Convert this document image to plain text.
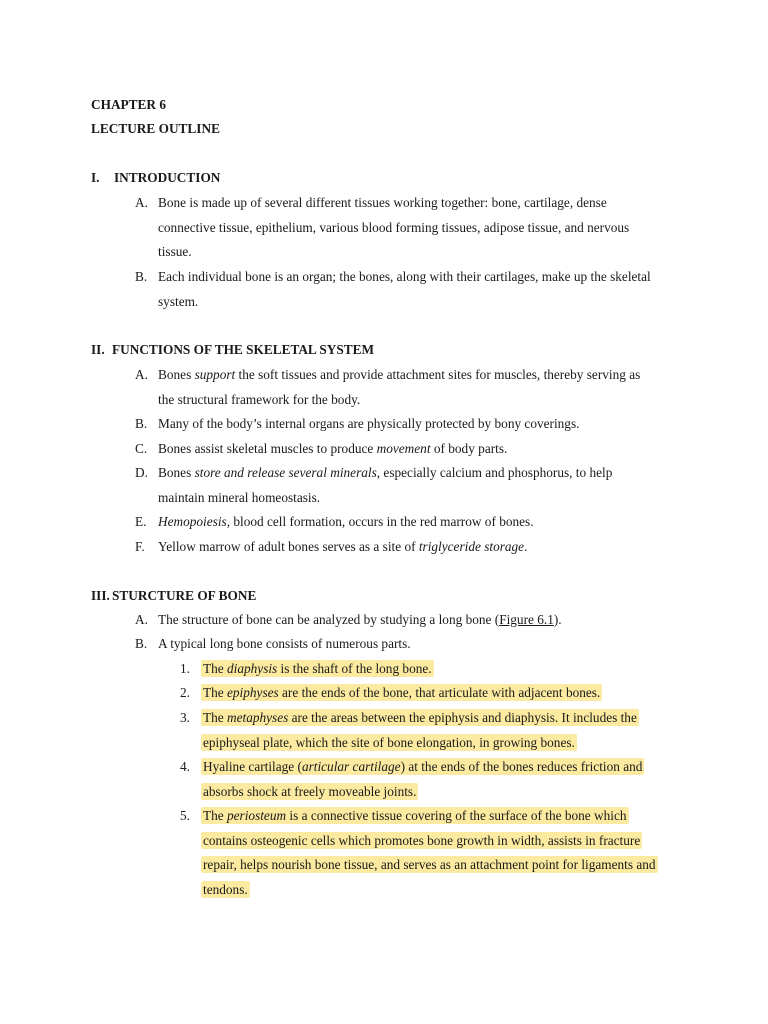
CHAPTER 6

LECTURE OUTLINE

I. INTRODUCTION

A. Bone is made up of several different tissues working together: bone, cartilage, dense
connective tissue, epithelium, various blood forming tissues, adipose tissue, and nervous
tissue.
B. Each individual bone is an organ; the bones, along with their cartilages, make up the skeletal
system.

II. FUNCTIONS OF THE SKELETAL SYSTEM

A. Bones support the soft tissues and provide attachment sites for muscles, thereby serving as
the structural framework for the body.
B. Many of the body’s internal organs are physically protected by bony coverings.
C. Bones assist skeletal muscles to produce movement of body parts.
D. Bones store and release several minerals, especially calcium and phosphorus, to help
maintain mineral homeostasis.
E. Hemopoiesis, blood cell formation, occurs in the red marrow of bones.
F. Yellow marrow of adult bones serves as a site of triglyceride storage.

III. STURCTURE OF BONE

A. The structure of bone can be analyzed by studying a long bone (Figure 6.1).
B. A typical long bone consists of numerous parts.
1. The diaphysis is the shaft of the long bone.
2. The epiphyses are the ends of the bone, that articulate with adjacent bones.
3. The metaphyses are the areas between the epiphysis and diaphysis. It includes the
epiphyseal plate, which the site of bone elongation, in growing bones.
4. Hyaline cartilage (articular cartilage) at the ends of the bones reduces friction and
absorbs shock at freely moveable joints.
5. The periosteum is a connective tissue covering of the surface of the bone which
contains osteogenic cells which promotes bone growth in width, assists in fracture
repair, helps nourish bone tissue, and serves as an attachment point for ligaments and
tendons.
